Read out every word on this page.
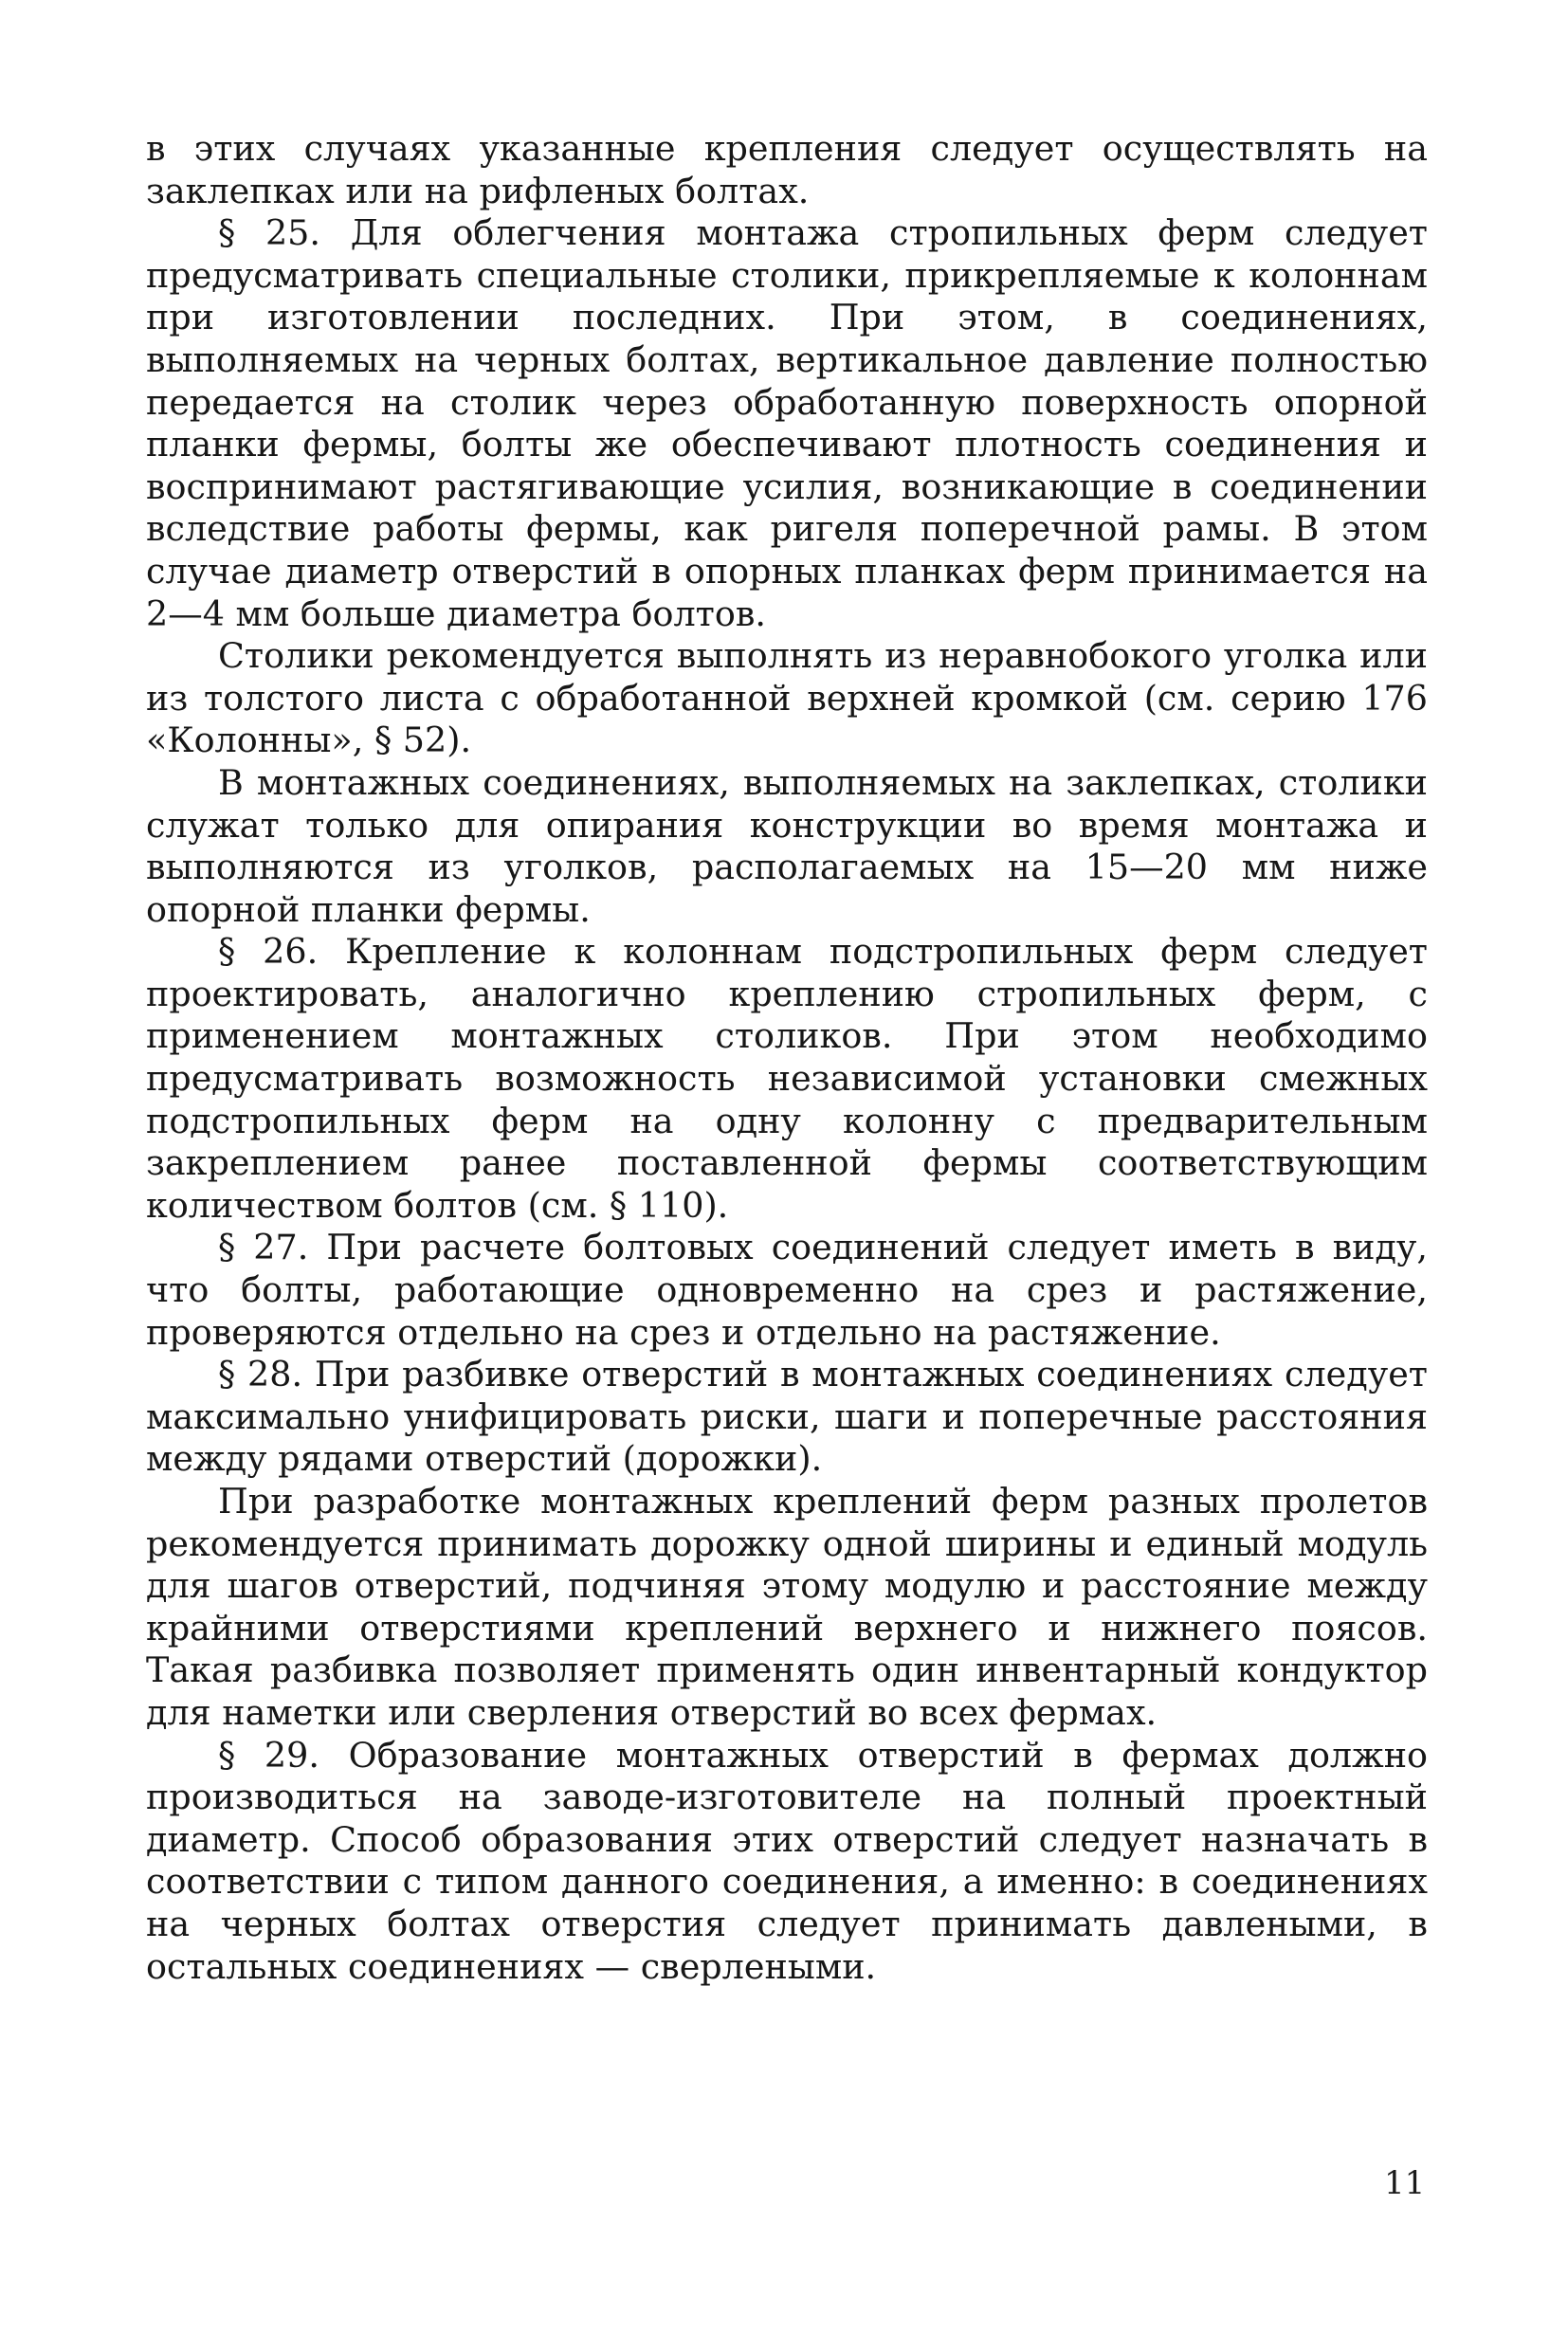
в этих случаях указанные крепления следует осуществлять на заклепках или на рифленых болтах.

§ 25. Для облегчения монтажа стропильных ферм следует предусматривать специальные столики, прикрепляемые к колоннам при изготовлении последних. При этом, в соединениях, выполняемых на черных болтах, вертикальное давление полностью передается на столик через обработанную поверхность опорной планки фермы, болты же обеспечивают плотность соединения и воспринимают растягивающие усилия, возникающие в соединении вследствие работы фермы, как ригеля поперечной рамы. В этом случае диаметр отверстий в опорных планках ферм принимается на 2—4 мм больше диаметра болтов.

Столики рекомендуется выполнять из неравнобокого уголка или из толстого листа с обработанной верхней кромкой (см. серию 176 «Колонны», § 52).

В монтажных соединениях, выполняемых на заклепках, столики служат только для опирания конструкции во время монтажа и выполняются из уголков, располагаемых на 15—20 мм ниже опорной планки фермы.

§ 26. Крепление к колоннам подстропильных ферм следует проектировать, аналогично креплению стропильных ферм, с применением монтажных столиков. При этом необходимо предусматривать возможность независимой установки смежных подстропильных ферм на одну колонну с предварительным закреплением ранее поставленной фермы соответствующим количеством болтов (см. § 110).

§ 27. При расчете болтовых соединений следует иметь в виду, что болты, работающие одновременно на срез и растяжение, проверяются отдельно на срез и отдельно на растяжение.

§ 28. При разбивке отверстий в монтажных соединениях следует максимально унифицировать риски, шаги и поперечные расстояния между рядами отверстий (дорожки).

При разработке монтажных креплений ферм разных пролетов рекомендуется принимать дорожку одной ширины и единый модуль для шагов отверстий, подчиняя этому модулю и расстояние между крайними отверстиями креплений верхнего и нижнего поясов. Такая разбивка позволяет применять один инвентарный кондуктор для наметки или сверления отверстий во всех фермах.

§ 29. Образование монтажных отверстий в фермах должно производиться на заводе-изготовителе на полный проектный диаметр. Способ образования этих отверстий следует назначать в соответствии с типом данного соединения, а именно: в соединениях на черных болтах отверстия следует принимать давлеными, в остальных соединениях — сверлеными.

11
